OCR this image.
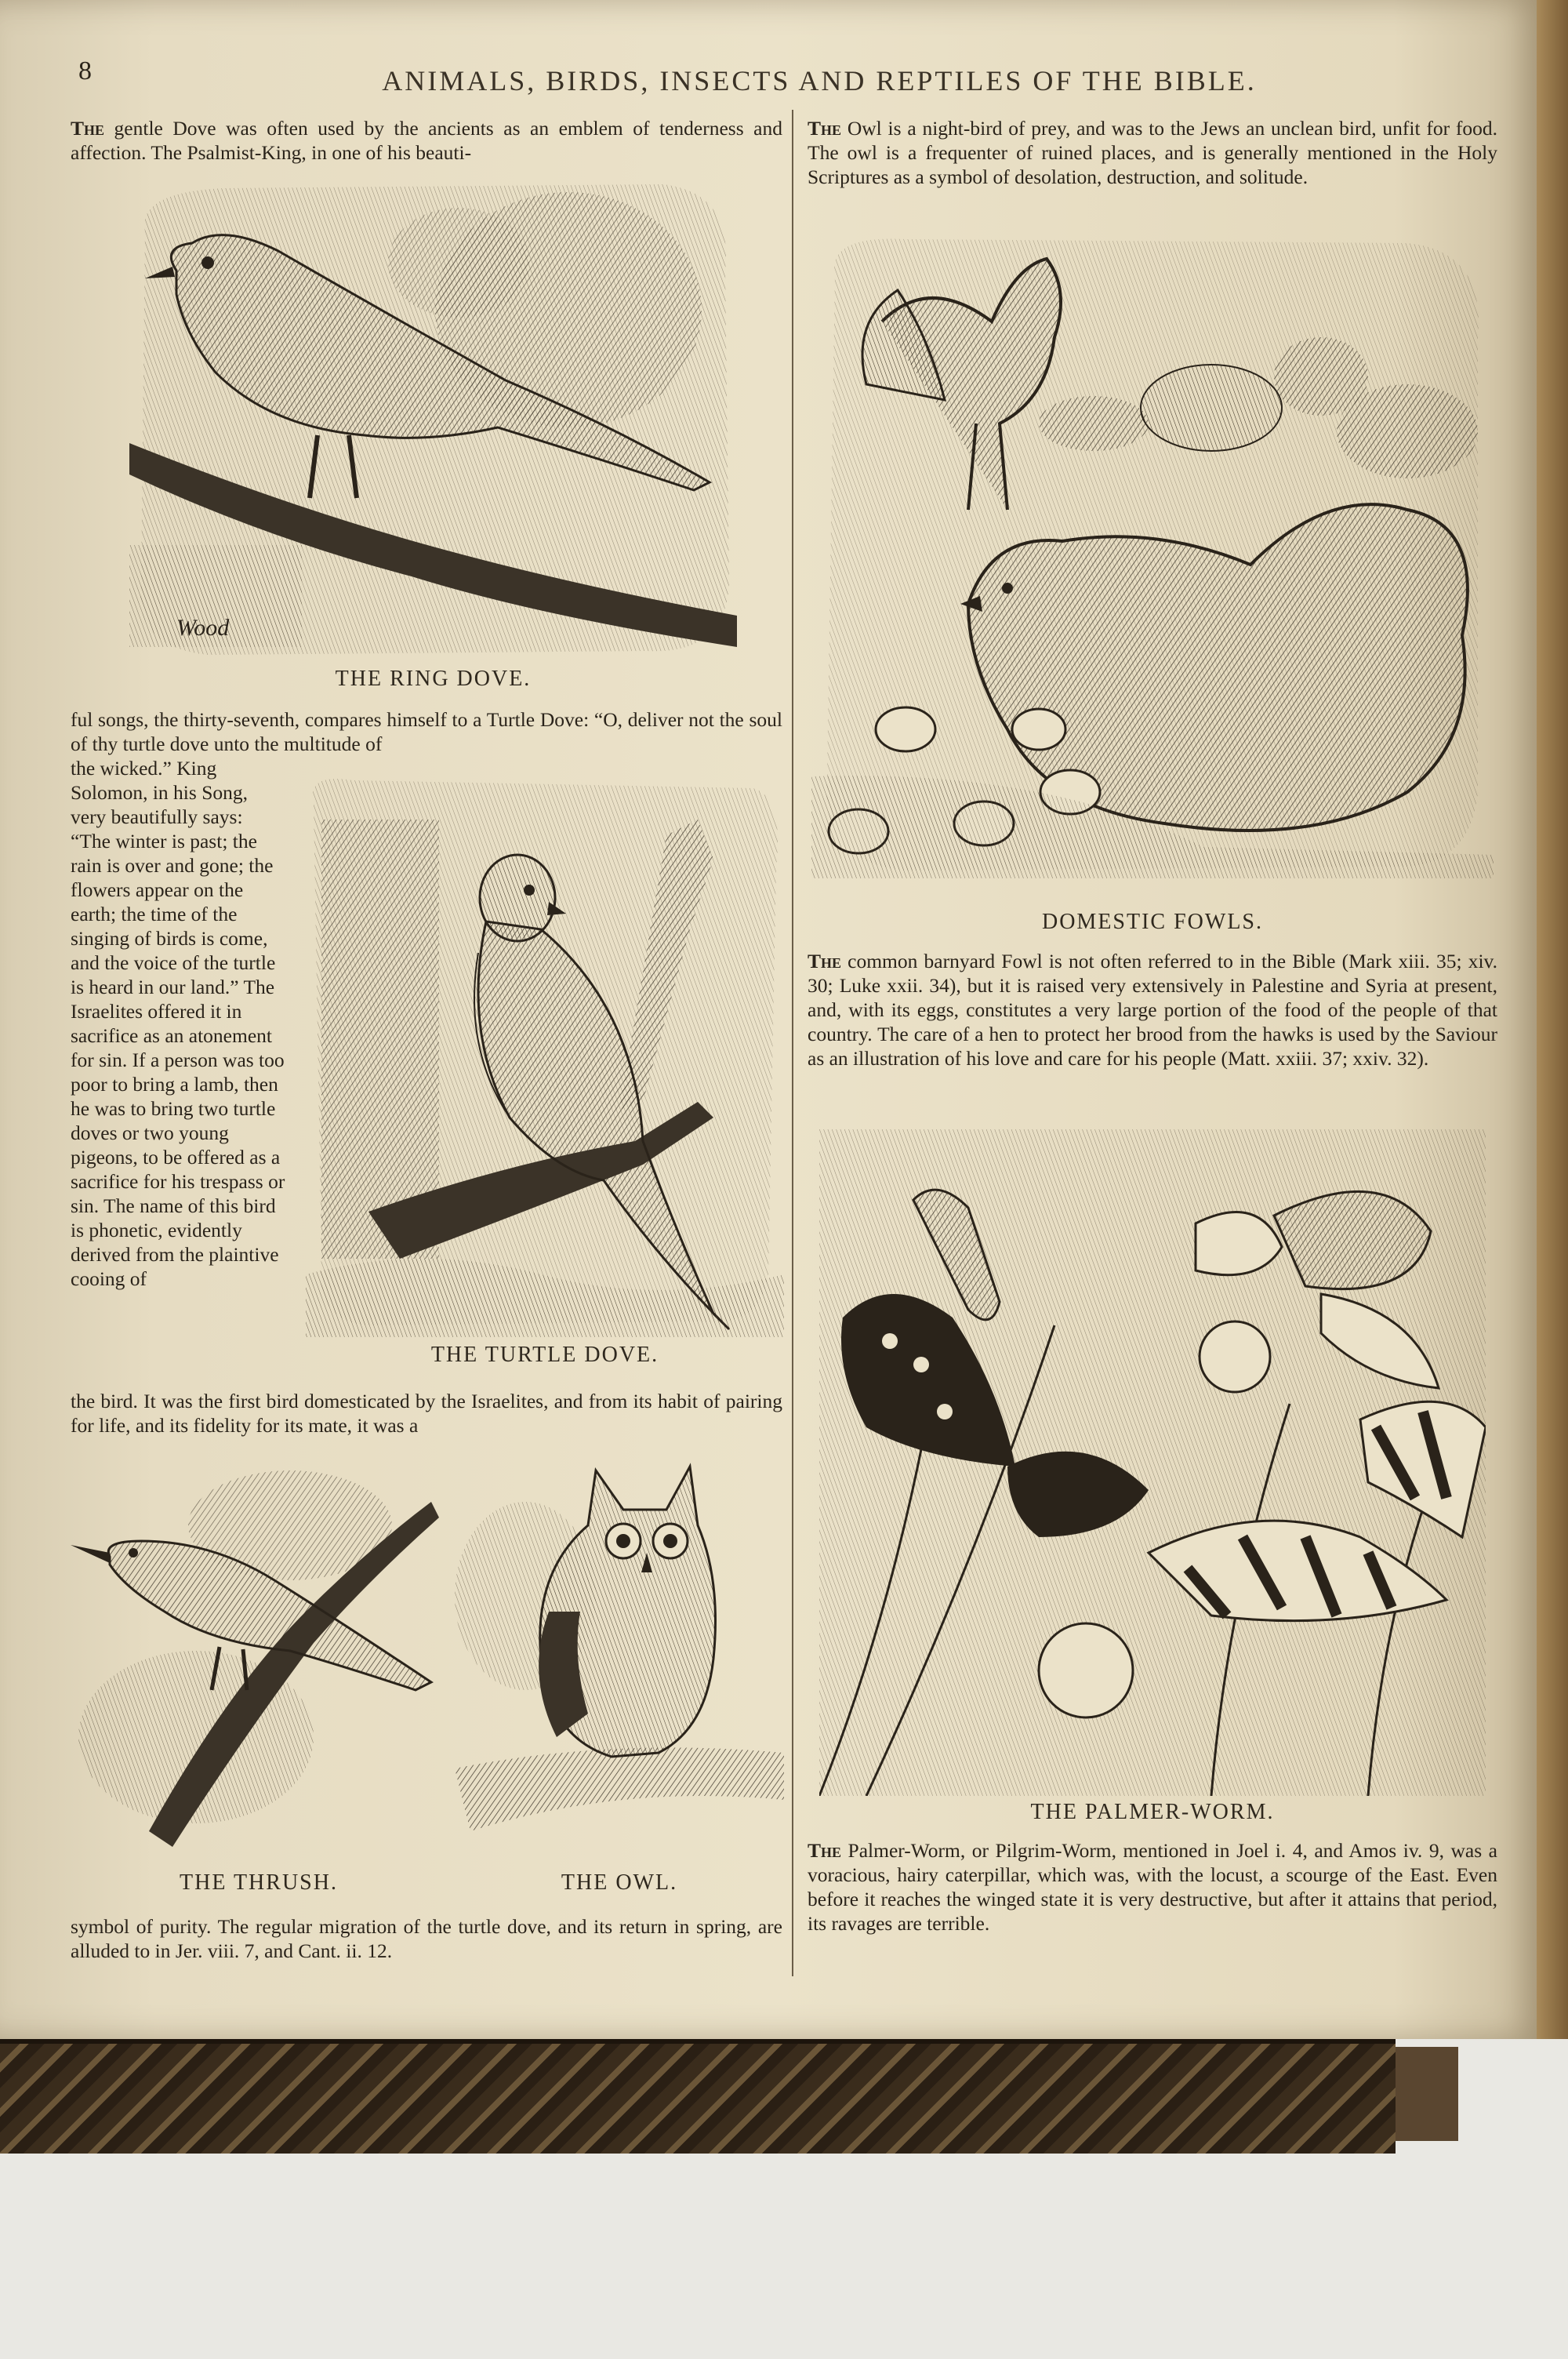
8	ANIMALS, BIRDS, INSECTS AND REPTILES OF THE BIBLE.

The gentle Dove was often used by the ancients as an emblem of tenderness and affection. The Psalmist-King, in one of his beauti-

Wood
THE RING DOVE.

ful songs, the thirty-seventh, compares himself to a Turtle Dove: “O, deliver not the soul of thy turtle dove unto the multitude of

the wicked.” King Solomon, in his Song, very beautifully says: “The winter is past; the rain is over and gone; the flowers appear on the earth; the time of the singing of birds is come, and the voice of the turtle is heard in our land.” The Israelites offered it in sacrifice as an atonement for sin. If a person was too poor to bring a lamb, then he was to bring two turtle doves or two young pigeons, to be offered as a sacrifice for his trespass or sin. The name of this bird is phonetic, evidently derived from the plaintive cooing of

THE TURTLE DOVE.

the bird. It was the first bird domesticated by the Israelites, and from its habit of pairing for life, and its fidelity for its mate, it was a

THE THRUSH.	THE OWL.

symbol of purity. The regular migration of the turtle dove, and its return in spring, are alluded to in Jer. viii. 7, and Cant. ii. 12.

The Owl is a night-bird of prey, and was to the Jews an unclean bird, unfit for food. The owl is a frequenter of ruined places, and is generally mentioned in the Holy Scriptures as a symbol of desolation, destruction, and solitude.

DOMESTIC FOWLS.

The common barnyard Fowl is not often referred to in the Bible (Mark xiii. 35; xiv. 30; Luke xxii. 34), but it is raised very extensively in Palestine and Syria at present, and, with its eggs, constitutes a very large portion of the food of the people of that country. The care of a hen to protect her brood from the hawks is used by the Saviour as an illustration of his love and care for his people (Matt. xxiii. 37; xxiv. 32).

THE PALMER-WORM.

The Palmer-Worm, or Pilgrim-Worm, mentioned in Joel i. 4, and Amos iv. 9, was a voracious, hairy caterpillar, which was, with the locust, a scourge of the East. Even before it reaches the winged state it is very destructive, but after it attains that period, its ravages are terrible.
